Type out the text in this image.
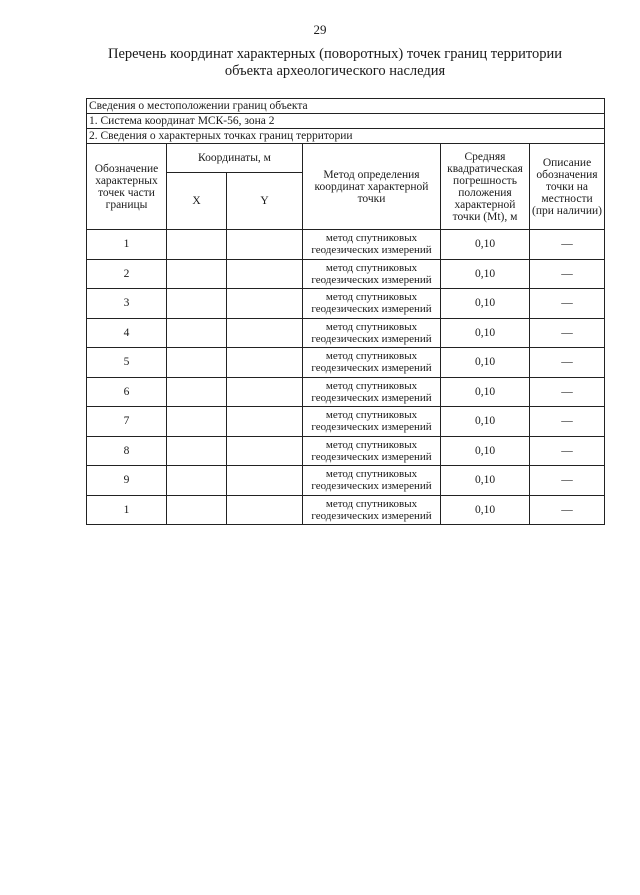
29
Перечень координат характерных (поворотных) точек границ территории
объекта археологического наследия
Сведения о местоположении границ объекта					
1. Система координат МСК-56, зона 2					
2. Сведения о характерных точках границ территории					
Обозначение характерных точек части границы	Координаты, м		Метод определения координат характерной точки	Средняя квадратическая погрешность положения характерной точки (Mt), м	Описание обозначения точки на местности (при наличии)
	X	Y			
1			метод спутниковых геодезических измерений	0,10	—
2			метод спутниковых геодезических измерений	0,10	—
3			метод спутниковых геодезических измерений	0,10	—
4			метод спутниковых геодезических измерений	0,10	—
5			метод спутниковых геодезических измерений	0,10	—
6			метод спутниковых геодезических измерений	0,10	—
7			метод спутниковых геодезических измерений	0,10	—
8			метод спутниковых геодезических измерений	0,10	—
9			метод спутниковых геодезических измерений	0,10	—
1			метод спутниковых геодезических измерений	0,10	—
